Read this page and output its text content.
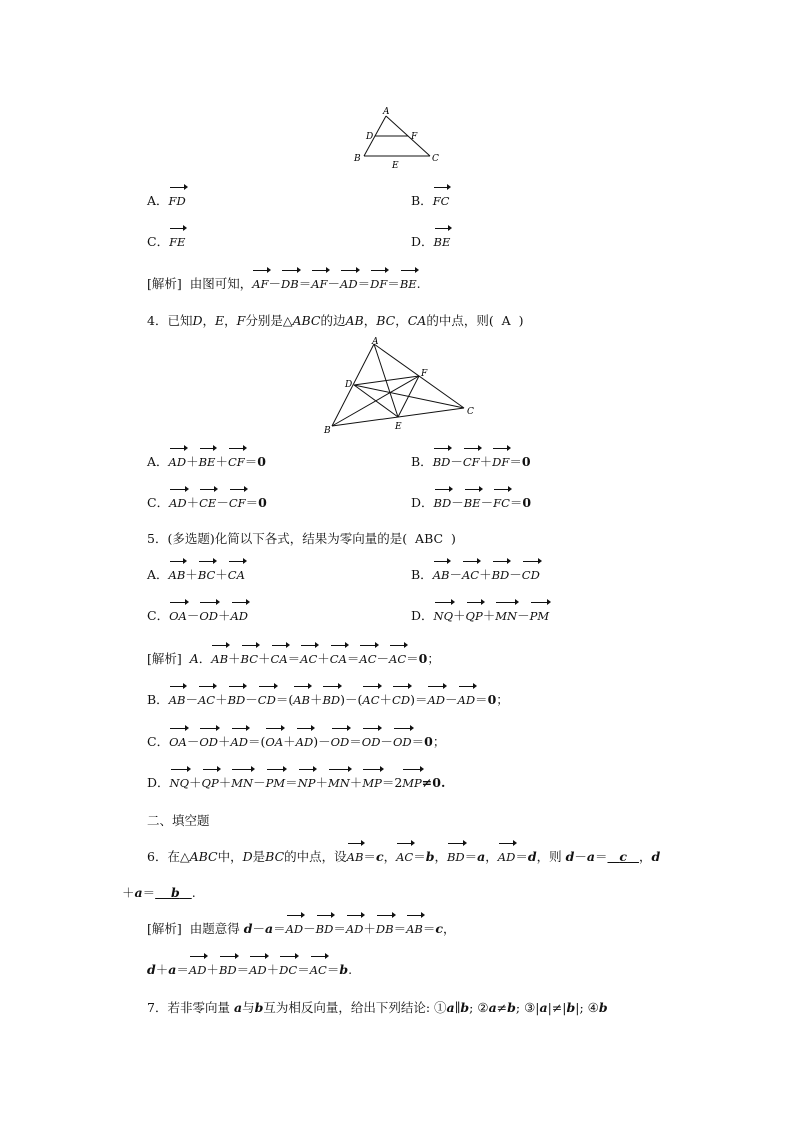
A
D	F
B
E
C
A．FD	B．FC
C．FE	D．BE
[解析] 由图可知，AF－DB＝AF－AD＝DF＝BE.
4．已知D，E，F分别是△ABC的边AB，BC，CA的中点，则( A )
A
D
F
B	E
C
A．AD＋BE＋CF＝0	B．BD－CF＋DF＝0
C．AD＋CE－CF＝0	D．BD－BE－FC＝0
5．(多选题)化简以下各式，结果为零向量的是( ABC )
A．AB＋BC＋CA	B．AB－AC＋BD－CD
C．OA－OD＋AD	D．NQ＋QP＋MN－PM
[解析] A．AB＋BC＋CA＝AC＋CA＝AC－AC＝0；
B．AB－AC＋BD－CD＝(AB＋BD)－(AC＋CD)＝AD－AD＝0；
C．OA－OD＋AD＝(OA＋AD)－OD＝OD－OD＝0；
D．NQ＋QP＋MN－PM＝NP＋MN＋MP＝2MP≠0.
二、填空题
6．在△ABC中，D是BC的中点，设AB＝c，AC＝b，BD＝a，AD＝d，则 d－a＝ c ，d
＋a＝ b .
[解析] 由题意得 d－a＝AD－BD＝AD＋DB＝AB＝c，
d＋a＝AD＋BD＝AD＋DC＝AC＝b.
7．若非零向量 a与b互为相反向量，给出下列结论: ①a∥b; ②a≠b; ③|a|≠|b|; ④b
